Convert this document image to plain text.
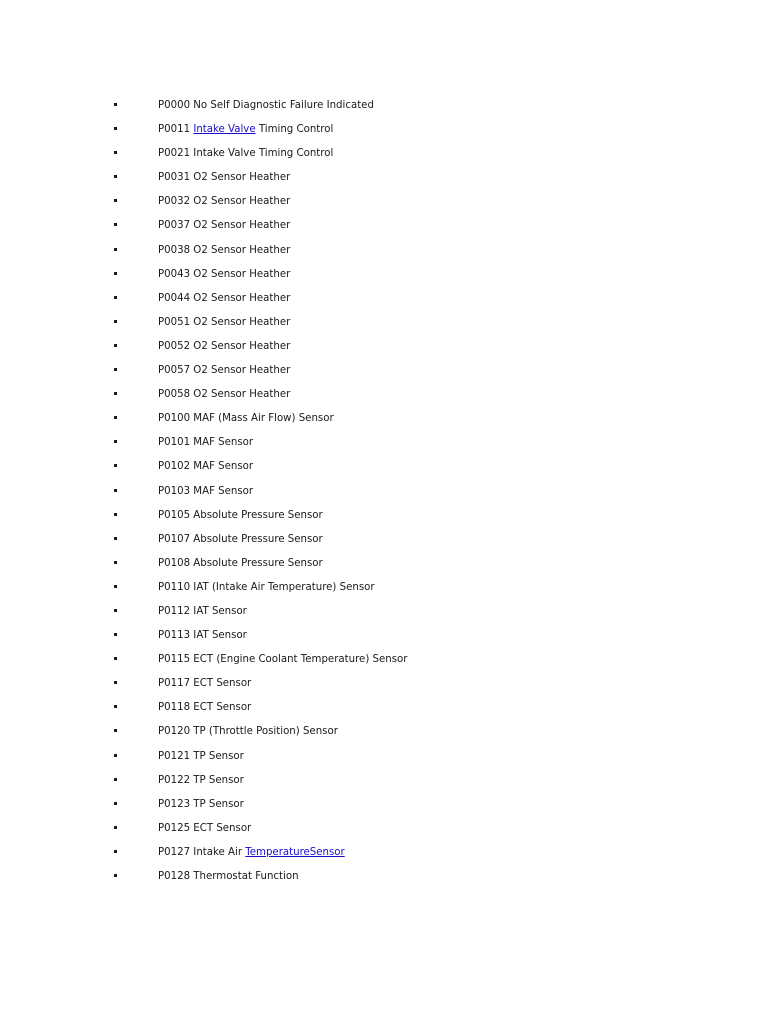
P0000 No Self Diagnostic Failure Indicated
P0011 Intake Valve Timing Control
P0021 Intake Valve Timing Control
P0031 O2 Sensor Heather
P0032 O2 Sensor Heather
P0037 O2 Sensor Heather
P0038 O2 Sensor Heather
P0043 O2 Sensor Heather
P0044 O2 Sensor Heather
P0051 O2 Sensor Heather
P0052 O2 Sensor Heather
P0057 O2 Sensor Heather
P0058 O2 Sensor Heather
P0100 MAF (Mass Air Flow) Sensor
P0101 MAF Sensor
P0102 MAF Sensor
P0103 MAF Sensor
P0105 Absolute Pressure Sensor
P0107 Absolute Pressure Sensor
P0108 Absolute Pressure Sensor
P0110 IAT (Intake Air Temperature) Sensor
P0112 IAT Sensor
P0113 IAT Sensor
P0115 ECT (Engine Coolant Temperature) Sensor
P0117 ECT Sensor
P0118 ECT Sensor
P0120 TP (Throttle Position) Sensor
P0121 TP Sensor
P0122 TP Sensor
P0123 TP Sensor
P0125 ECT Sensor
P0127 Intake Air TemperatureSensor
P0128 Thermostat Function
